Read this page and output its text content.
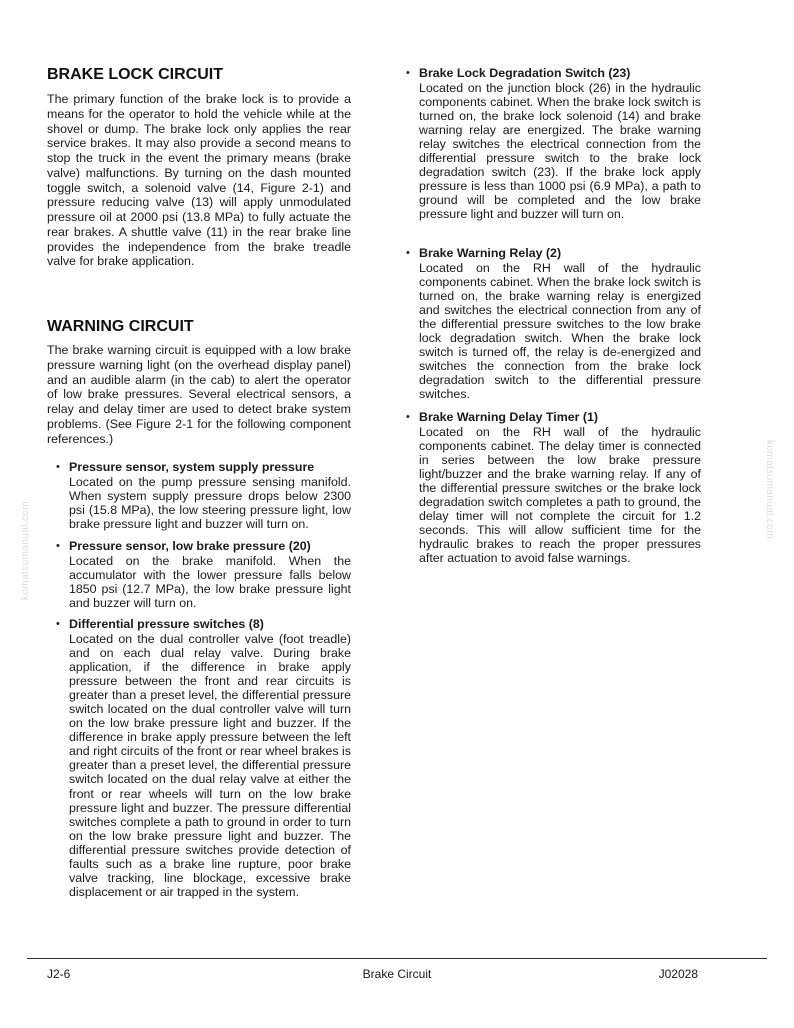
BRAKE LOCK CIRCUIT

The primary function of the brake lock is to provide a means for the operator to hold the vehicle while at the shovel or dump. The brake lock only applies the rear service brakes. It may also provide a second means to stop the truck in the event the primary means (brake valve) malfunctions. By turning on the dash mounted toggle switch, a solenoid valve (14, Figure 2-1) and pressure reducing valve (13) will apply unmodulated pressure oil at 2000 psi (13.8 MPa) to fully actuate the rear brakes. A shuttle valve (11) in the rear brake line provides the independence from the brake treadle valve for brake application.

WARNING CIRCUIT

The brake warning circuit is equipped with a low brake pressure warning light (on the overhead display panel) and an audible alarm (in the cab) to alert the operator of low brake pressures. Several electrical sensors, a relay and delay timer are used to detect brake system problems. (See Figure 2-1 for the following component references.)

• Pressure sensor, system supply pressure
Located on the pump pressure sensing manifold. When system supply pressure drops below 2300 psi (15.8 MPa), the low steering pressure light, low brake pressure light and buzzer will turn on.
• Pressure sensor, low brake pressure (20)
Located on the brake manifold. When the accumulator with the lower pressure falls below 1850 psi (12.7 MPa), the low brake pressure light and buzzer will turn on.
• Differential pressure switches (8)
Located on the dual controller valve (foot treadle) and on each dual relay valve. During brake application, if the difference in brake apply pressure between the front and rear circuits is greater than a preset level, the differential pressure switch located on the dual controller valve will turn on the low brake pressure light and buzzer. If the difference in brake apply pressure between the left and right circuits of the front or rear wheel brakes is greater than a preset level, the differential pressure switch located on the dual relay valve at either the front or rear wheels will turn on the low brake pressure light and buzzer. The pressure differential switches complete a path to ground in order to turn on the low brake pressure light and buzzer. The differential pressure switches provide detection of faults such as a brake line rupture, poor brake valve tracking, line blockage, excessive brake displacement or air trapped in the system.
• Brake Lock Degradation Switch (23)
Located on the junction block (26) in the hydraulic components cabinet. When the brake lock switch is turned on, the brake lock solenoid (14) and brake warning relay are energized. The brake warning relay switches the electrical connection from the differential pressure switch to the brake lock degradation switch (23). If the brake lock apply pressure is less than 1000 psi (6.9 MPa), a path to ground will be completed and the low brake pressure light and buzzer will turn on.
• Brake Warning Relay (2)
Located on the RH wall of the hydraulic components cabinet. When the brake lock switch is turned on, the brake warning relay is energized and switches the electrical connection from any of the differential pressure switches to the low brake lock degradation switch. When the brake lock switch is turned off, the relay is de-energized and switches the connection from the brake lock degradation switch to the differential pressure switches.
• Brake Warning Delay Timer (1)
Located on the RH wall of the hydraulic components cabinet. The delay timer is connected in series between the low brake pressure light/buzzer and the brake warning relay. If any of the differential pressure switches or the brake lock degradation switch completes a path to ground, the delay timer will not complete the circuit for 1.2 seconds. This will allow sufficient time for the hydraulic brakes to reach the proper pressures after actuation to avoid false warnings.
komatsumanual.com
komatsumanual.com
J2-6	Brake Circuit	J02028
